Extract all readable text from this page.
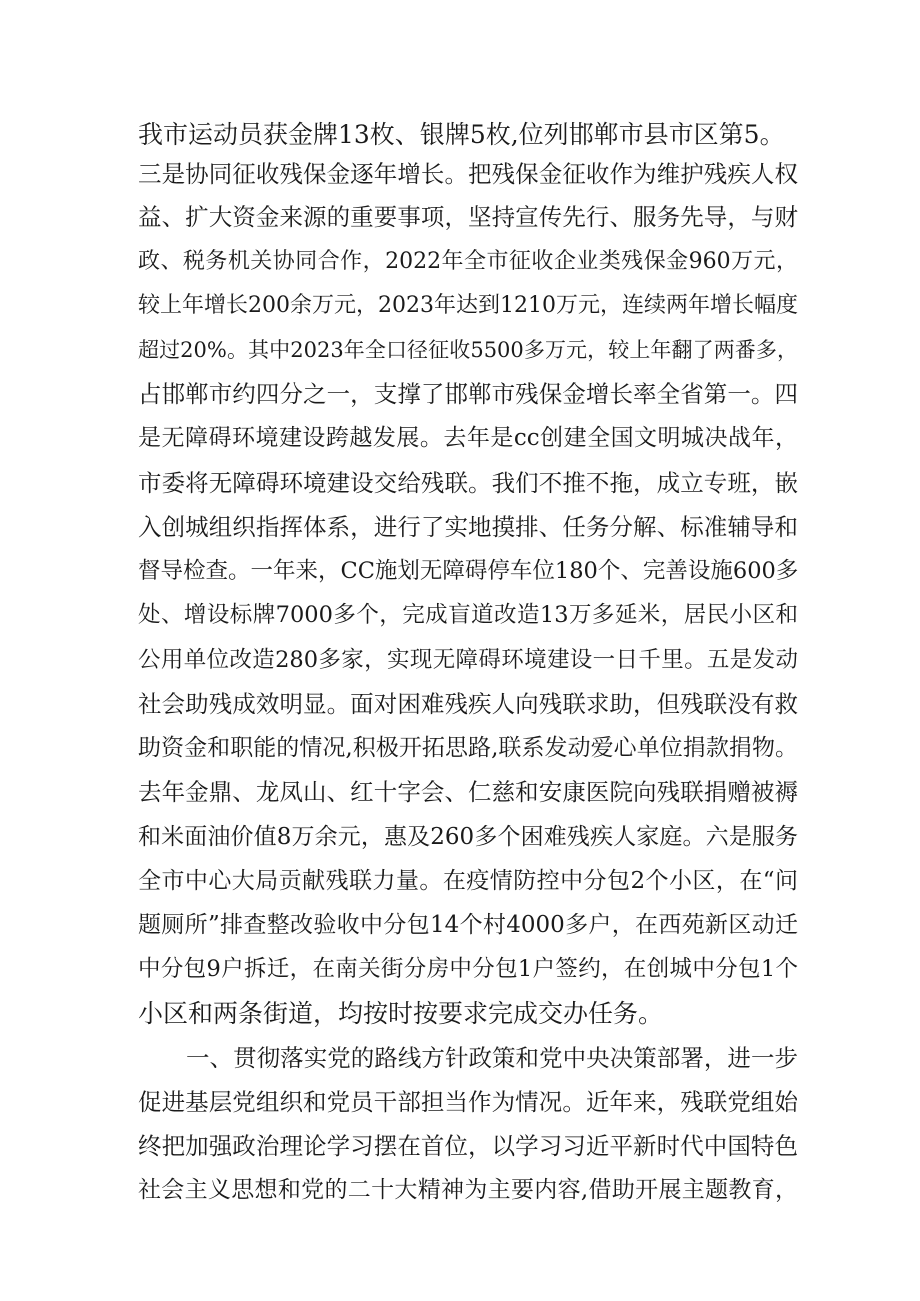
我市运动员获金牌13枚、银牌5枚,位列邯郸市县市区第5。
三是协同征收残保金逐年增长。把残保金征收作为维护残疾人权
益、扩大资金来源的重要事项，坚持宣传先行、服务先导，与财
政、税务机关协同合作，2022年全市征收企业类残保金960万元，
较上年增长200余万元，2023年达到1210万元，连续两年增长幅度
超过20%。其中2023年全口径征收5500多万元，较上年翻了两番多，
占邯郸市约四分之一，支撑了邯郸市残保金增长率全省第一。四
是无障碍环境建设跨越发展。去年是cc创建全国文明城决战年，
市委将无障碍环境建设交给残联。我们不推不拖，成立专班，嵌
入创城组织指挥体系，进行了实地摸排、任务分解、标准辅导和
督导检查。一年来，CC施划无障碍停车位180个、完善设施600多
处、增设标牌7000多个，完成盲道改造13万多延米，居民小区和
公用单位改造280多家，实现无障碍环境建设一日千里。五是发动
社会助残成效明显。面对困难残疾人向残联求助，但残联没有救
助资金和职能的情况,积极开拓思路,联系发动爱心单位捐款捐物。
去年金鼎、龙凤山、红十字会、仁慈和安康医院向残联捐赠被褥
和米面油价值8万余元，惠及260多个困难残疾人家庭。六是服务
全市中心大局贡献残联力量。在疫情防控中分包2个小区，在“问
题厕所”排查整改验收中分包14个村4000多户，在西苑新区动迁
中分包9户拆迁，在南关街分房中分包1户签约，在创城中分包1个
小区和两条街道，均按时按要求完成交办任务。
一、贯彻落实党的路线方针政策和党中央决策部署，进一步
促进基层党组织和党员干部担当作为情况。近年来，残联党组始
终把加强政治理论学习摆在首位，以学习习近平新时代中国特色
社会主义思想和党的二十大精神为主要内容,借助开展主题教育，
